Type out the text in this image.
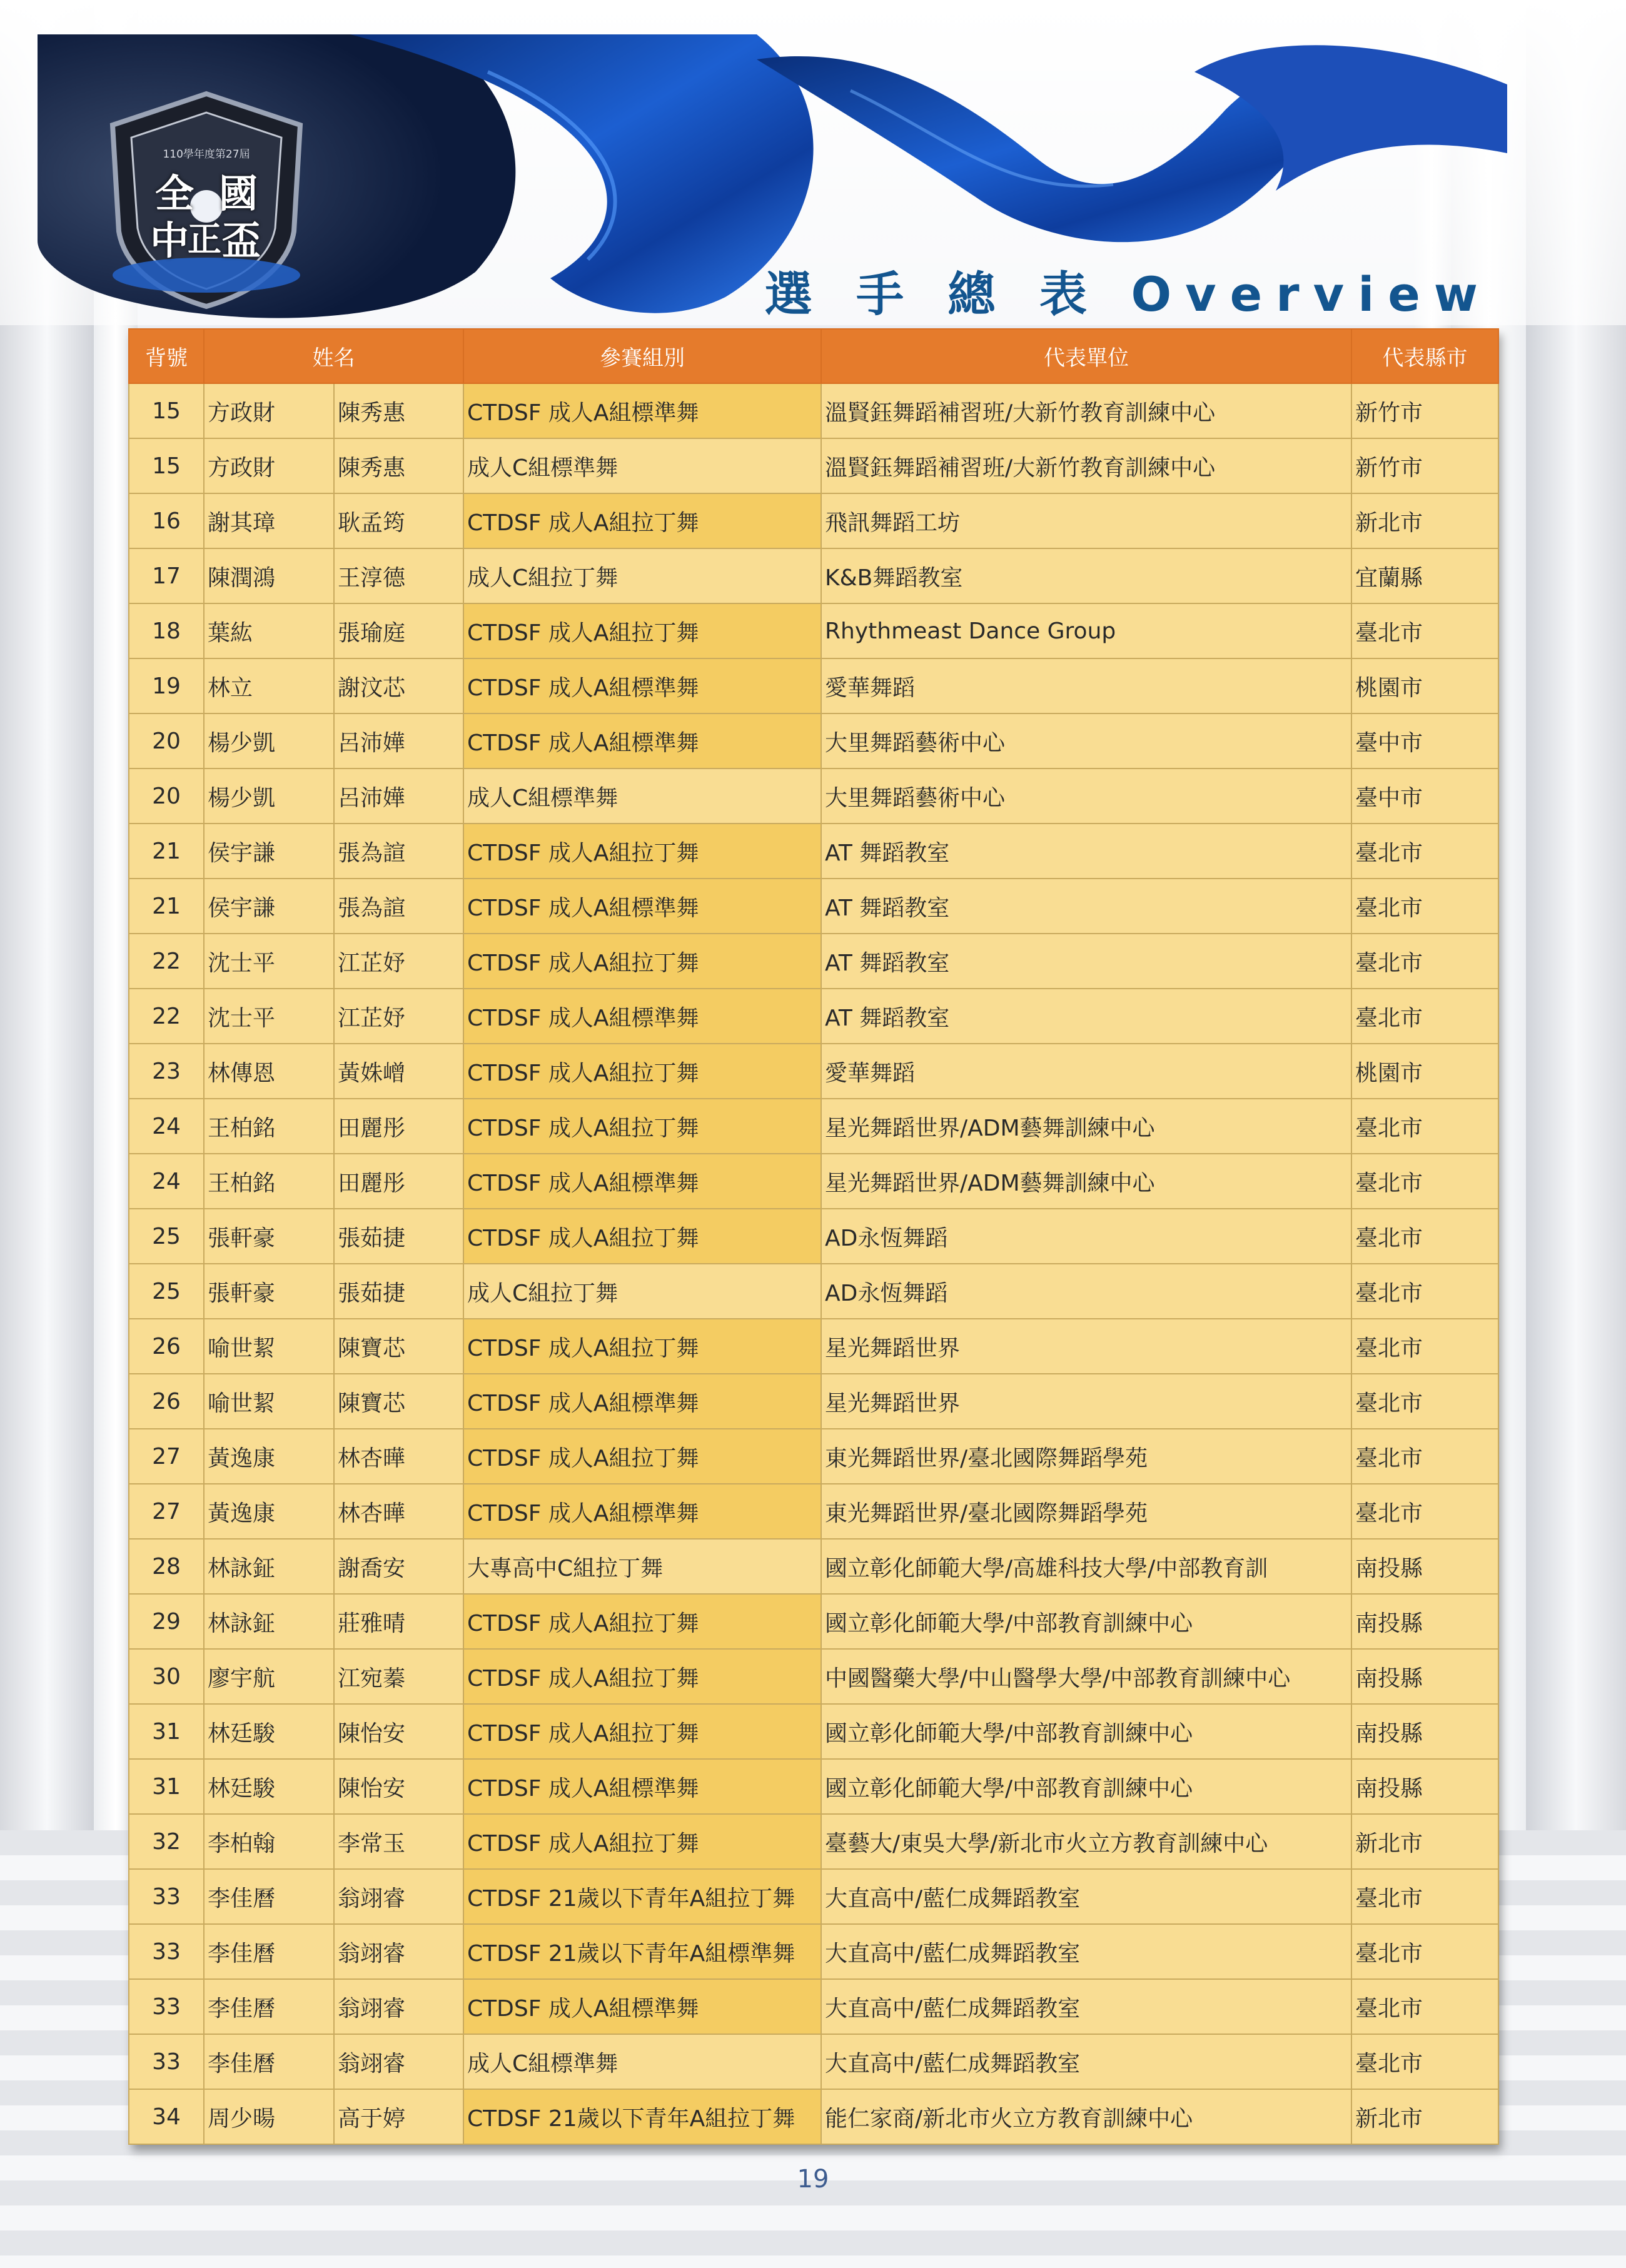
110學年度第27屆
全 國
中
正 盃
選 手 總 表 Overview
背號	姓名		參賽組別	代表單位	代表縣市
15	方政財	陳秀惠	CTDSF 成人A組標準舞	溫賢鈺舞蹈補習班/大新竹教育訓練中心	新竹市
15	方政財	陳秀惠	成人C組標準舞	溫賢鈺舞蹈補習班/大新竹教育訓練中心	新竹市
16	謝其璋	耿孟筠	CTDSF 成人A組拉丁舞	飛訊舞蹈工坊	新北市
17	陳潤鴻	王淳德	成人C組拉丁舞	K&B舞蹈教室	宜蘭縣
18	葉紘	張瑜庭	CTDSF 成人A組拉丁舞	Rhythmeast Dance Group	臺北市
19	林立	謝汶芯	CTDSF 成人A組標準舞	愛華舞蹈	桃園市
20	楊少凱	呂沛嬅	CTDSF 成人A組標準舞	大里舞蹈藝術中心	臺中市
20	楊少凱	呂沛嬅	成人C組標準舞	大里舞蹈藝術中心	臺中市
21	侯宇謙	張為諠	CTDSF 成人A組拉丁舞	AT 舞蹈教室	臺北市
21	侯宇謙	張為諠	CTDSF 成人A組標準舞	AT 舞蹈教室	臺北市
22	沈士平	江芷妤	CTDSF 成人A組拉丁舞	AT 舞蹈教室	臺北市
22	沈士平	江芷妤	CTDSF 成人A組標準舞	AT 舞蹈教室	臺北市
23	林傳恩	黃姝嶒	CTDSF 成人A組拉丁舞	愛華舞蹈	桃園市
24	王柏銘	田麗彤	CTDSF 成人A組拉丁舞	星光舞蹈世界/ADM藝舞訓練中心	臺北市
24	王柏銘	田麗彤	CTDSF 成人A組標準舞	星光舞蹈世界/ADM藝舞訓練中心	臺北市
25	張軒豪	張茹捷	CTDSF 成人A組拉丁舞	AD永恆舞蹈	臺北市
25	張軒豪	張茹捷	成人C組拉丁舞	AD永恆舞蹈	臺北市
26	喻世絜	陳寶芯	CTDSF 成人A組拉丁舞	星光舞蹈世界	臺北市
26	喻世絜	陳寶芯	CTDSF 成人A組標準舞	星光舞蹈世界	臺北市
27	黃逸康	林杏曄	CTDSF 成人A組拉丁舞	東光舞蹈世界/臺北國際舞蹈學苑	臺北市
27	黃逸康	林杏曄	CTDSF 成人A組標準舞	東光舞蹈世界/臺北國際舞蹈學苑	臺北市
28	林詠鉦	謝喬安	大專高中C組拉丁舞	國立彰化師範大學/高雄科技大學/中部教育訓	南投縣
29	林詠鉦	莊雅晴	CTDSF 成人A組拉丁舞	國立彰化師範大學/中部教育訓練中心	南投縣
30	廖宇航	江宛蓁	CTDSF 成人A組拉丁舞	中國醫藥大學/中山醫學大學/中部教育訓練中心	南投縣
31	林廷駿	陳怡安	CTDSF 成人A組拉丁舞	國立彰化師範大學/中部教育訓練中心	南投縣
31	林廷駿	陳怡安	CTDSF 成人A組標準舞	國立彰化師範大學/中部教育訓練中心	南投縣
32	李柏翰	李常玉	CTDSF 成人A組拉丁舞	臺藝大/東吳大學/新北市火立方教育訓練中心	新北市
33	李佳曆	翁翊睿	CTDSF 21歲以下青年A組拉丁舞	大直高中/藍仁成舞蹈教室	臺北市
33	李佳曆	翁翊睿	CTDSF 21歲以下青年A組標準舞	大直高中/藍仁成舞蹈教室	臺北市
33	李佳曆	翁翊睿	CTDSF 成人A組標準舞	大直高中/藍仁成舞蹈教室	臺北市
33	李佳曆	翁翊睿	成人C組標準舞	大直高中/藍仁成舞蹈教室	臺北市
34	周少暘	高于婷	CTDSF 21歲以下青年A組拉丁舞	能仁家商/新北市火立方教育訓練中心	新北市
19
